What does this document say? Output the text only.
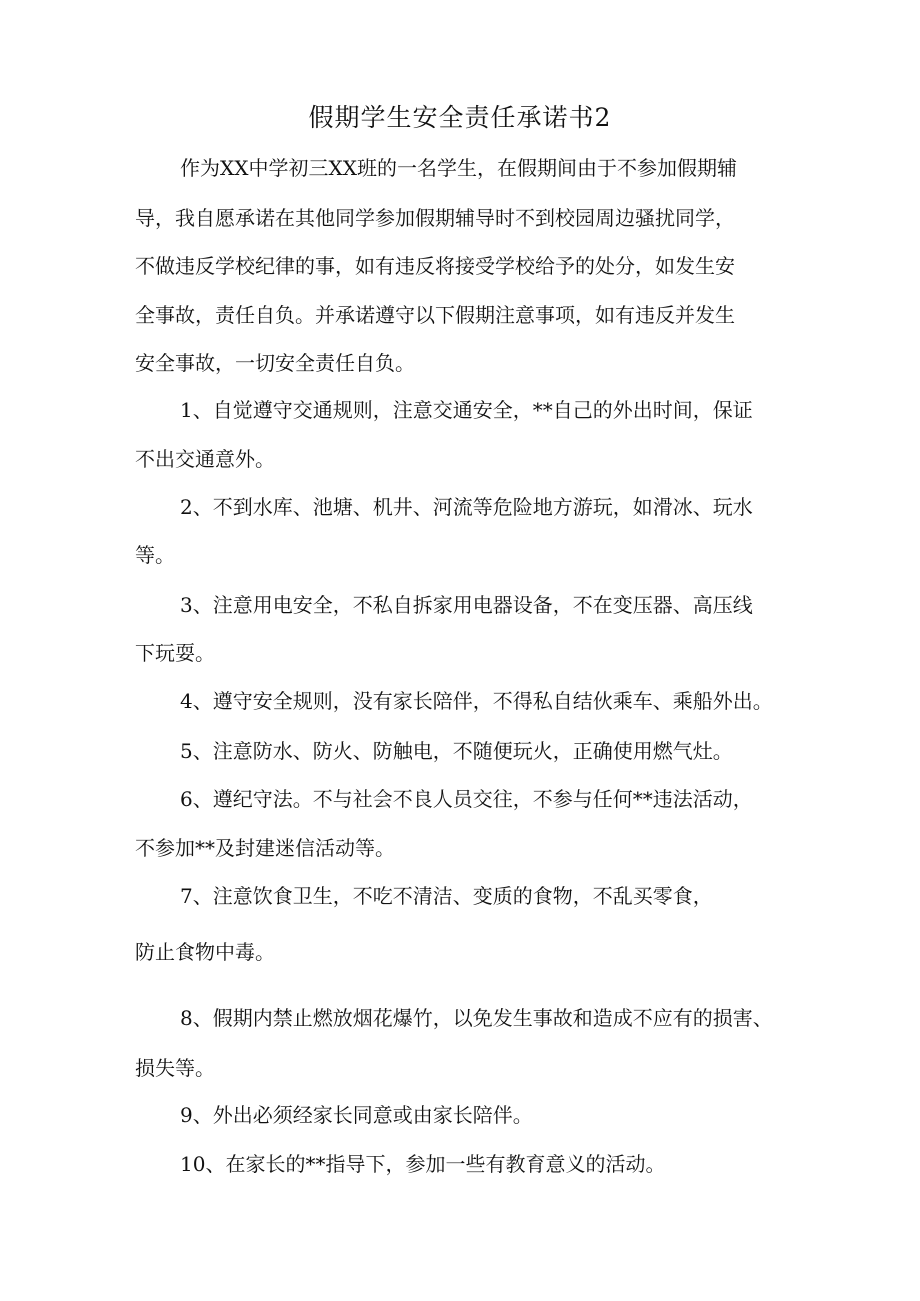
假期学生安全责任承诺书2
作为XX中学初三XX班的一名学生，在假期间由于不参加假期辅
导，我自愿承诺在其他同学参加假期辅导时不到校园周边骚扰同学，
不做违反学校纪律的事，如有违反将接受学校给予的处分，如发生安
全事故，责任自负。并承诺遵守以下假期注意事项，如有违反并发生
安全事故，一切安全责任自负。
1、自觉遵守交通规则，注意交通安全，**自己的外出时间，保证
不出交通意外。
2、不到水库、池塘、机井、河流等危险地方游玩，如滑冰、玩水
等。
3、注意用电安全，不私自拆家用电器设备，不在变压器、高压线
下玩耍。
4、遵守安全规则，没有家长陪伴，不得私自结伙乘车、乘船外出。
5、注意防水、防火、防触电，不随便玩火，正确使用燃气灶。
6、遵纪守法。不与社会不良人员交往，不参与任何**违法活动，
不参加**及封建迷信活动等。
7、注意饮食卫生，不吃不清洁、变质的食物，不乱买零食，
防止食物中毒。
8、假期内禁止燃放烟花爆竹，以免发生事故和造成不应有的损害、
损失等。
9、外出必须经家长同意或由家长陪伴。
10、在家长的**指导下，参加一些有教育意义的活动。
